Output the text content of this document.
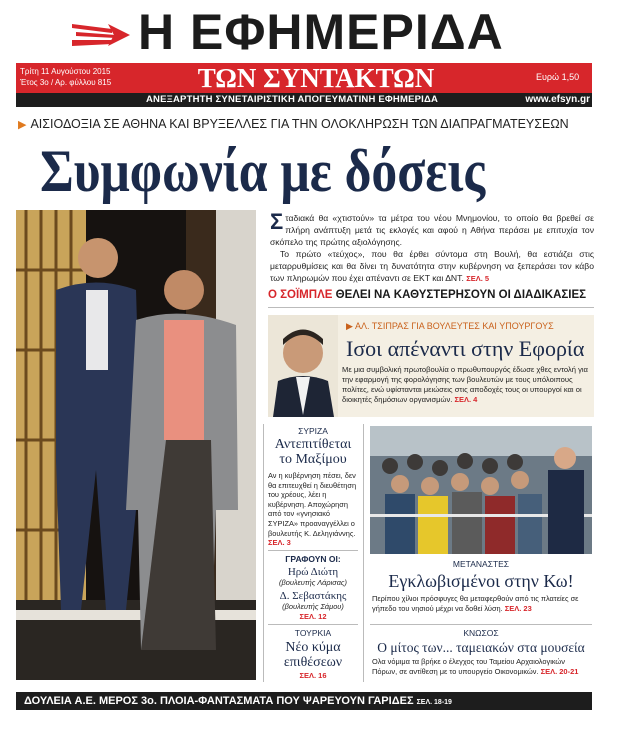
Η ΕΦΗΜΕΡΙΔΑ
Τρίτη 11 Αυγούστου 2015
Έτος 3ο / Αρ. φύλλου 815	ΤΩΝ ΣΥΝΤΑΚΤΩΝ	Ευρώ 1,50
ΑΝΕΞΑΡΤΗΤΗ ΣΥΝΕΤΑΙΡΙΣΤΙΚΗ ΑΠΟΓΕΥΜΑΤΙΝΗ ΕΦΗΜΕΡΙΔΑ	www.efsyn.gr
▶ ΑΙΣΙΟΔΟΞΙΑ ΣΕ ΑΘΗΝΑ ΚΑΙ ΒΡΥΞΕΛΛΕΣ ΓΙΑ ΤΗΝ ΟΛΟΚΛΗΡΩΣΗ ΤΩΝ ΔΙΑΠΡΑΓΜΑΤΕΥΣΕΩΝ
Συμφωνία με δόσεις
Σταδιακά θα «χτιστούν» τα μέτρα του νέου Μνημονίου, το οποίο θα βρεθεί σε πλήρη ανάπτυξη μετά τις εκλογές και αφού η Αθήνα περάσει με επιτυχία τον σκόπελο της πρώτης αξιολόγησης.
Το πρώτο «τεύχος», που θα έρθει σύντομα στη Βουλή, θα εστιάζει στις μεταρρυθμίσεις και θα δίνει τη δυνατότητα στην κυβέρνηση να ξεπεράσει τον κάβο των πληρωμών που έχει απέναντι σε ΕΚΤ και ΔΝΤ. ΣΕΛ. 5
Ο ΣΟΪΜΠΛΕ ΘΕΛΕΙ ΝΑ ΚΑΘΥΣΤΕΡΗΣΟΥΝ ΟΙ ΔΙΑΔΙΚΑΣΙΕΣ
▶ ΑΛ. ΤΣΙΠΡΑΣ ΓΙΑ ΒΟΥΛΕΥΤΕΣ ΚΑΙ ΥΠΟΥΡΓΟΥΣ
Ισοι απέναντι στην Εφορία
Με μια συμβολική πρωτοβουλία ο πρωθυπουργός έδωσε χθες εντολή για την εφαρμογή της φορολόγησης των βουλευτών με τους υπόλοιπους πολίτες, ενώ υφίστανται μειώσεις στις αποδοχές τους οι υπουργοί και οι διοικητές δημόσιων οργανισμών. ΣΕΛ. 4
ΣΥΡΙΖΑ
Αντεπιτίθεται το Μαξίμου
Αν η κυβέρνηση πέσει, δεν θα επιτευχθεί η διευθέτηση του χρέους, λέει η κυβέρνηση. Αποχώρηση από τον «γνησιακό ΣΥΡΙΖΑ» προαναγγέλλει ο βουλευτής Κ. Δεληγιάννης. ΣΕΛ. 3
ΓΡΑΦΟΥΝ ΟΙ:
Ηρώ Διώτη
(βουλευτής Λάρισας)
Δ. Σεβαστάκης
(βουλευτής Σάμου)
ΣΕΛ. 12
ΤΟΥΡΚΙΑ
Νέο κύμα επιθέσεων
ΣΕΛ. 16
ΜΕΤΑΝΑΣΤΕΣ
Εγκλωβισμένοι στην Κω!
Περίπου χίλιοι πρόσφυγες θα μεταφερθούν από τις πλατείες σε γήπεδο του νησιού μέχρι να δοθεί λύση. ΣΕΛ. 23
ΚΝΩΣΟΣ
Ο μίτος των... ταμειακών στα μουσεία
Ολα νόμιμα τα βρήκε ο έλεγχος του Ταμείου Αρχαιολογικών Πόρων, σε αντίθεση με το υπουργείο Οικονομικών. ΣΕΛ. 20-21
ΔΟΥΛΕΙΑ Α.Ε. ΜΕΡΟΣ 3ο. ΠΛΟΙΑ-ΦΑΝΤΑΣΜΑΤΑ ΠΟΥ ΨΑΡΕΥΟΥΝ ΓΑΡΙΔΕΣ ΣΕΛ. 18-19
